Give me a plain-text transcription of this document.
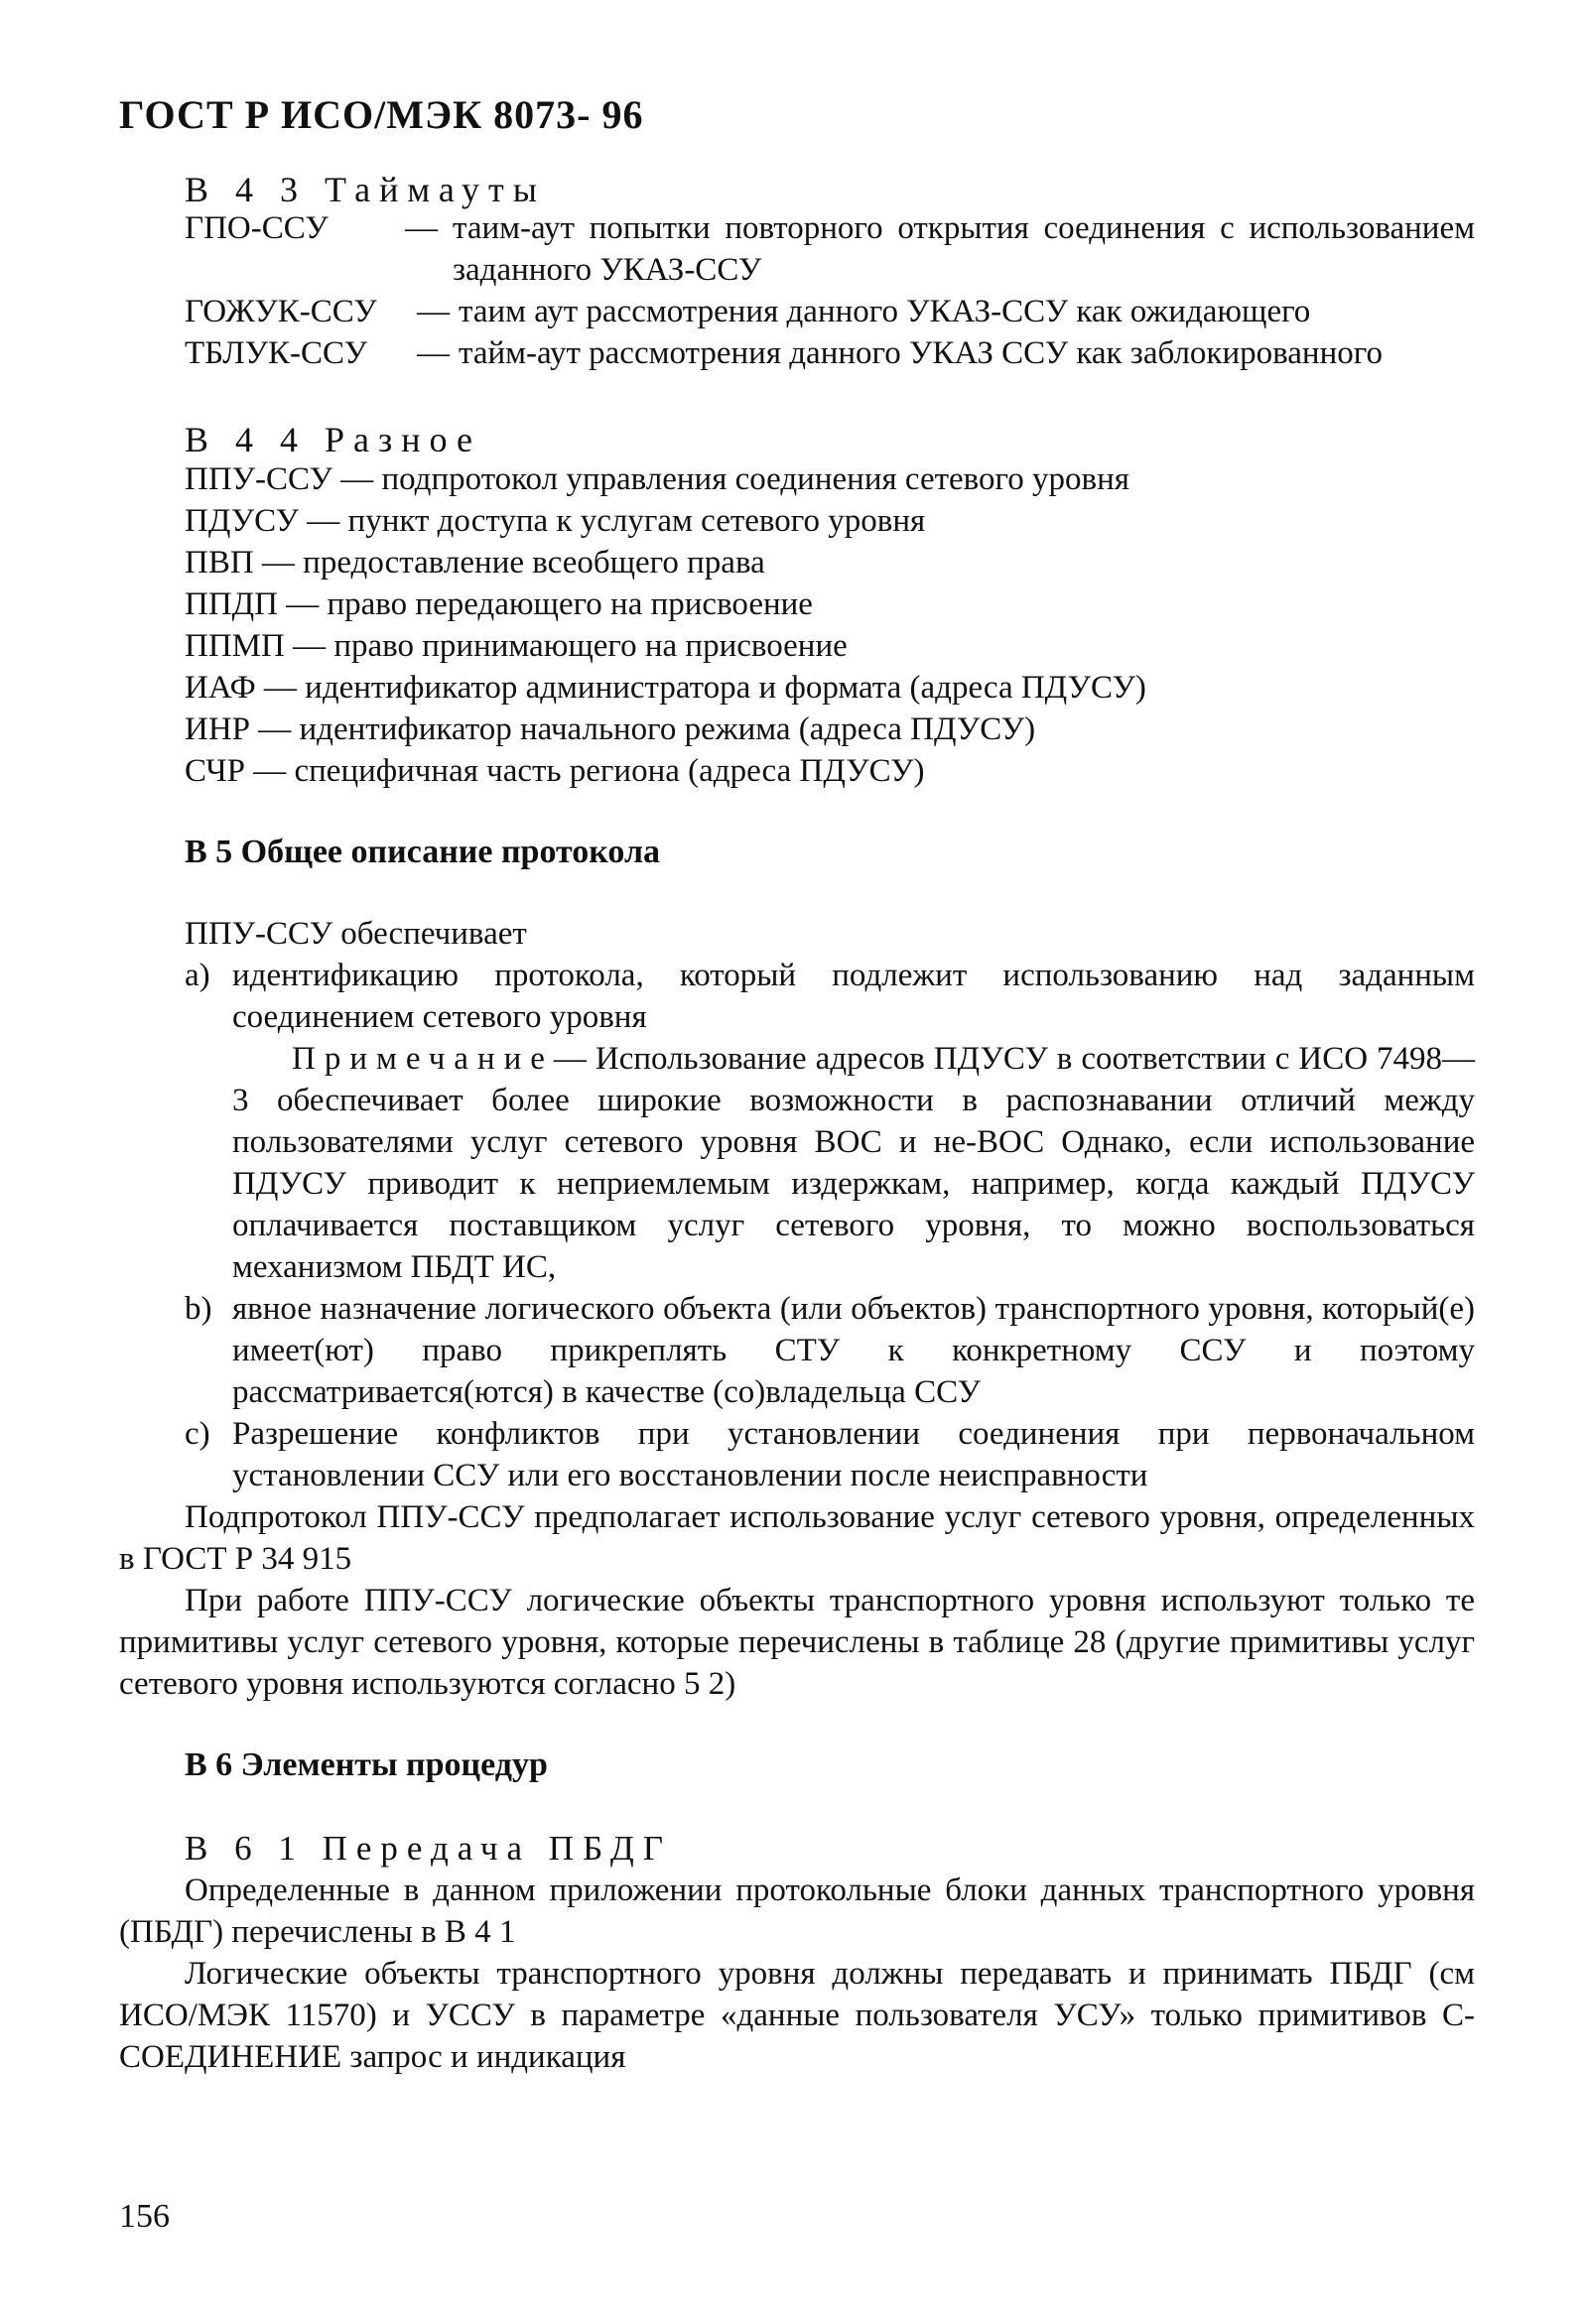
ГОСТ Р ИСО/МЭК 8073- 96
В 4 3 Таймауты
ГПО-ССУ — таим-аут попытки повторного открытия соединения с использованием заданного УКАЗ-ССУ
ГОЖУК-ССУ — таим аут рассмотрения данного УКАЗ-ССУ как ожидающего
ТБЛУК-ССУ — тайм-аут рассмотрения данного УКАЗ ССУ как заблокированного
В 4 4 Разное
ППУ-ССУ — подпротокол управления соединения сетевого уровня
ПДУСУ — пункт доступа к услугам сетевого уровня
ПВП — предоставление всеобщего права
ППДП — право передающего на присвоение
ППМП — право принимающего на присвоение
ИАФ — идентификатор администратора и формата (адреса ПДУСУ)
ИНР — идентификатор начального режима (адреса ПДУСУ)
СЧР — специфичная часть региона (адреса ПДУСУ)
В 5 Общее описание протокола
ППУ-ССУ обеспечивает
а) идентификацию протокола, который подлежит использованию над заданным соединением сетевого уровня
Примечание— Использование адресов ПДУСУ в соответствии с ИСО 7498—3 обеспечивает более широкие возможности в распознавании отличий между пользователями услуг сетевого уровня ВОС и не-ВОС Однако, если использование ПДУСУ приводит к неприемлемым издержкам, например, когда каждый ПДУСУ оплачивается поставщиком услуг сетевого уровня, то можно воспользоваться механизмом ПБДТ ИС,
b) явное назначение логического объекта (или объектов) транспортного уровня, который(е) имеет(ют) право прикреплять СТУ к конкретному ССУ и поэтому рассматривается(ются) в качестве (со)владельца ССУ
с) Разрешение конфликтов при установлении соединения при первоначальном установлении ССУ или его восстановлении после неисправности
Подпротокол ППУ-ССУ предполагает использование услуг сетевого уровня, определенных в ГОСТ Р 34 915
При работе ППУ-ССУ логические объекты транспортного уровня используют только те примитивы услуг сетевого уровня, которые перечислены в таблице 28 (другие примитивы услуг сетевого уровня используются согласно 5 2)
В 6 Элементы процедур
В 6 1 Передача ПБДГ
Определенные в данном приложении протокольные блоки данных транспортного уровня (ПБДГ) перечислены в В 4 1
Логические объекты транспортного уровня должны передавать и принимать ПБДГ (см ИСО/МЭК 11570) и УССУ в параметре «данные пользователя УСУ» только примитивов С-СОЕДИНЕНИЕ запрос и индикация
156
